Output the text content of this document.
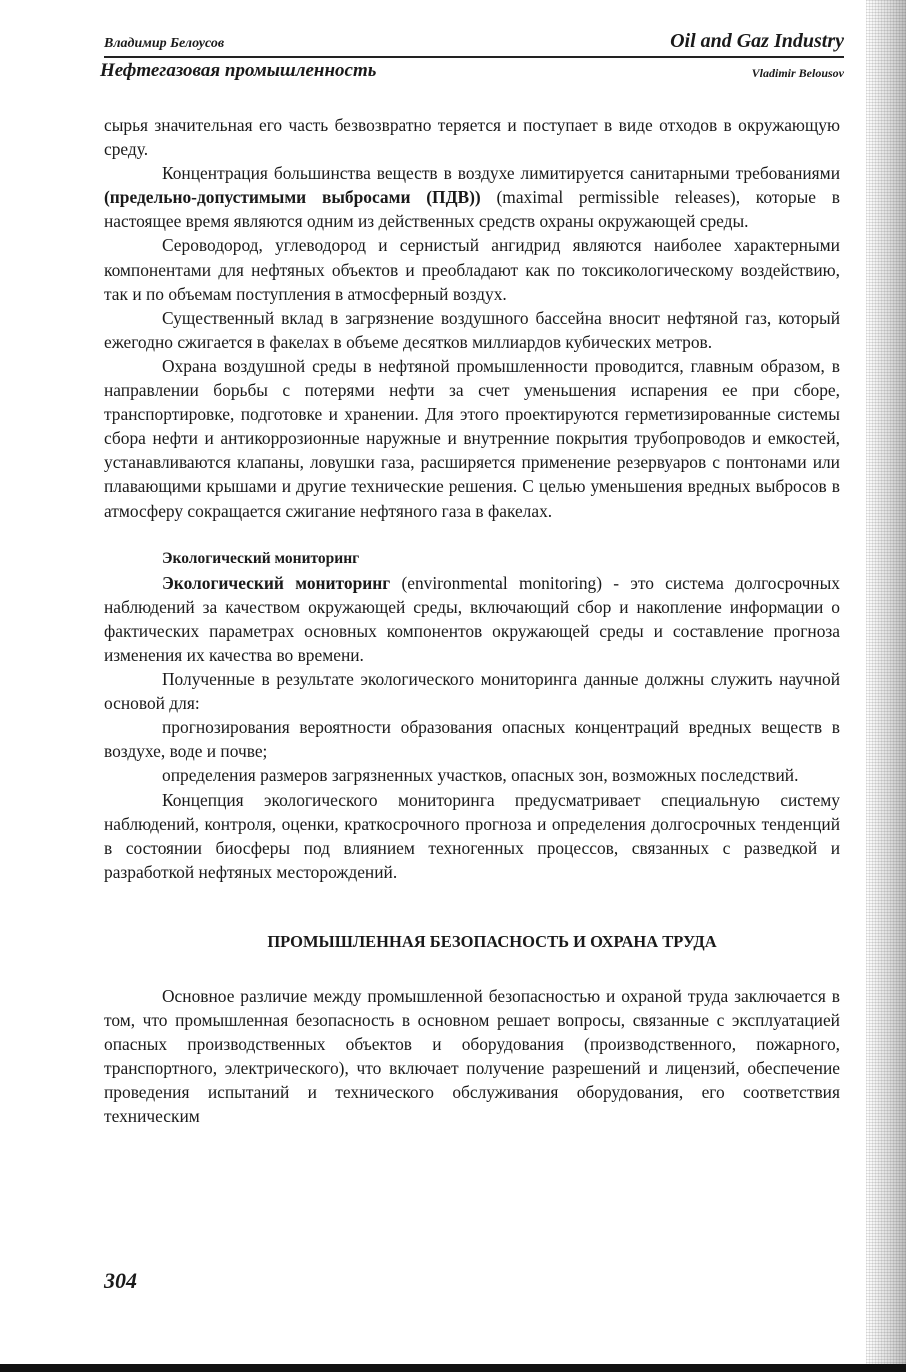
Владимир Белоусов	Oil and Gaz Industry
Нефтегазовая промышленность	Vladimir Belousov

сырья значительная его часть безвозвратно теряется и поступает в виде отходов в окружающую среду.

Концентрация большинства веществ в воздухе лимитируется санитарными требованиями (предельно-допустимыми выбросами (ПДВ)) (maximal permissible releases), которые в настоящее время являются одним из действенных средств охраны окружающей среды.

Сероводород, углеводород и сернистый ангидрид являются наиболее характерными компонентами для нефтяных объектов и преобладают как по токсикологическому воздействию, так и по объемам поступления в атмосферный воздух.

Существенный вклад в загрязнение воздушного бассейна вносит нефтяной газ, который ежегодно сжигается в факелах в объеме десятков миллиардов кубических метров.

Охрана воздушной среды в нефтяной промышленности проводится, главным образом, в направлении борьбы с потерями нефти за счет уменьшения испарения ее при сборе, транспортировке, подготовке и хранении. Для этого проектируются герметизированные системы сбора нефти и антикоррозионные наружные и внутренние покрытия трубопроводов и емкостей, устанавливаются клапаны, ловушки газа, расширяется применение резервуаров с понтонами или плавающими крышами и другие технические решения. С целью уменьшения вредных выбросов в атмосферу сокращается сжигание нефтяного газа в факелах.

Экологический мониторинг

Экологический мониторинг (environmental monitoring) - это система долгосрочных наблюдений за качеством окружающей среды, включающий сбор и накопление информации о фактических параметрах основных компонентов окружающей среды и составление прогноза изменения их качества во времени.

Полученные в результате экологического мониторинга данные должны служить научной основой для:

прогнозирования вероятности образования опасных концентраций вредных веществ в воздухе, воде и почве;

определения размеров загрязненных участков, опасных зон, возможных последствий.

Концепция экологического мониторинга предусматривает специальную систему наблюдений, контроля, оценки, краткосрочного прогноза и определения долгосрочных тенденций в состоянии биосферы под влиянием техногенных процессов, связанных с разведкой и разработкой нефтяных месторождений.

ПРОМЫШЛЕННАЯ БЕЗОПАСНОСТЬ И ОХРАНА ТРУДА

Основное различие между промышленной безопасностью и охраной труда заключается в том, что промышленная безопасность в основном решает вопросы, связанные с эксплуатацией опасных производственных объектов и оборудования (производственного, пожарного, транспортного, электрического), что включает получение разрешений и лицензий, обеспечение проведения испытаний и технического обслуживания оборудования, его соответствия техническим

304
